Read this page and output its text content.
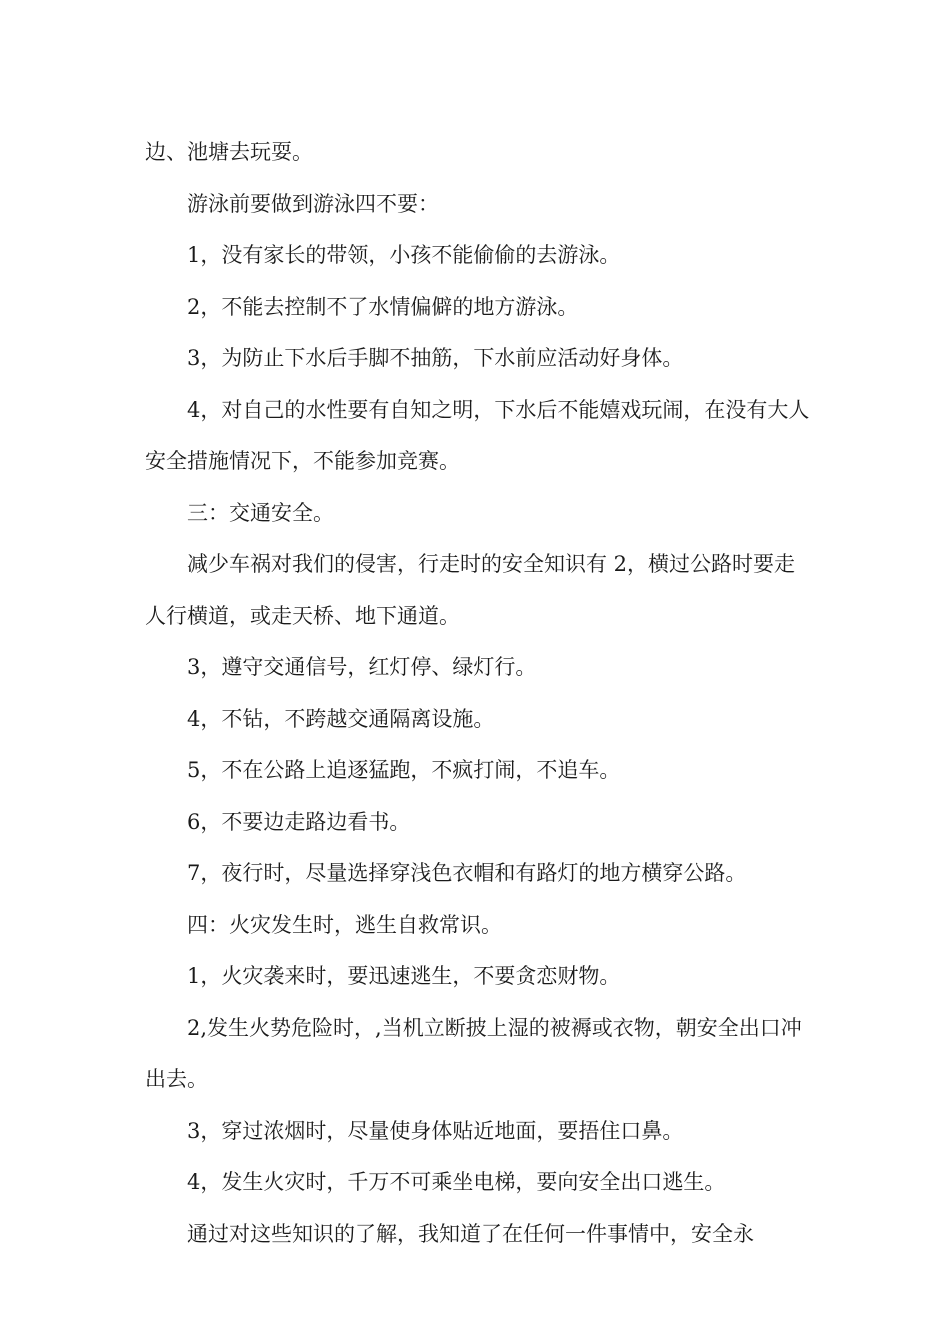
边、池塘去玩耍。

游泳前要做到游泳四不要：

1，没有家长的带领，小孩不能偷偷的去游泳。

2，不能去控制不了水情偏僻的地方游泳。

3，为防止下水后手脚不抽筋，下水前应活动好身体。

4，对自己的水性要有自知之明，下水后不能嬉戏玩闹，在没有大人安全措施情况下，不能参加竞赛。

三：交通安全。

减少车祸对我们的侵害，行走时的安全知识有 2，横过公路时要走人行横道，或走天桥、地下通道。

3，遵守交通信号，红灯停、绿灯行。

4，不钻，不跨越交通隔离设施。

5，不在公路上追逐猛跑，不疯打闹，不追车。

6，不要边走路边看书。

7，夜行时，尽量选择穿浅色衣帽和有路灯的地方横穿公路。

四：火灾发生时，逃生自救常识。

1，火灾袭来时，要迅速逃生，不要贪恋财物。

2,发生火势危险时，,当机立断披上湿的被褥或衣物，朝安全出口冲出去。

3，穿过浓烟时，尽量使身体贴近地面，要捂住口鼻。

4，发生火灾时，千万不可乘坐电梯，要向安全出口逃生。

通过对这些知识的了解，我知道了在任何一件事情中，安全永
